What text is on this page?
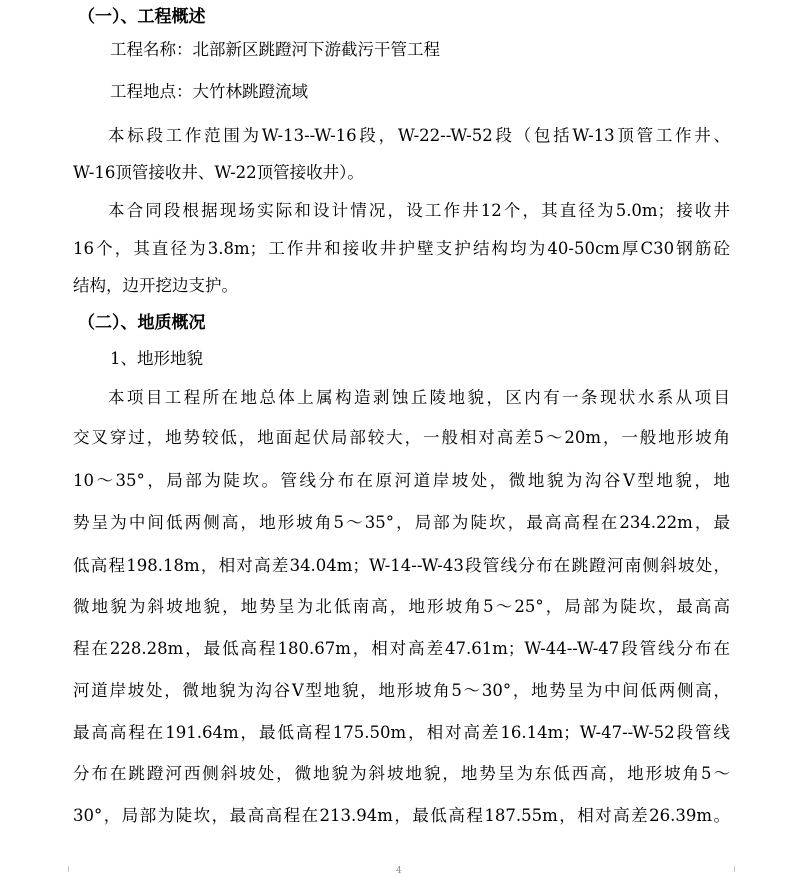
（一）、工程概述
工程名称：北部新区跳蹬河下游截污干管工程
工程地点：大竹林跳蹬流域
本标段工作范围为W-13--W-16段，W-22--W-52段（包括W-13顶管工作井、
W-16顶管接收井、W-22顶管接收井）。
本合同段根据现场实际和设计情况，设工作井12个，其直径为5.0m；接收井
16个，其直径为3.8m；工作井和接收井护壁支护结构均为40-50cm厚C30钢筋砼
结构，边开挖边支护。
（二）、地质概况
1、地形地貌
本项目工程所在地总体上属构造剥蚀丘陵地貌，区内有一条现状水系从项目
交叉穿过，地势较低，地面起伏局部较大，一般相对高差5～20m，一般地形坡角
10～35°，局部为陡坎。管线分布在原河道岸坡处，微地貌为沟谷V型地貌，地
势呈为中间低两侧高，地形坡角5～35°，局部为陡坎，最高高程在234.22m，最
低高程198.18m，相对高差34.04m；W-14--W-43段管线分布在跳蹬河南侧斜坡处，
微地貌为斜坡地貌，地势呈为北低南高，地形坡角5～25°，局部为陡坎，最高高
程在228.28m，最低高程180.67m，相对高差47.61m；W-44--W-47段管线分布在
河道岸坡处，微地貌为沟谷V型地貌，地形坡角5～30°，地势呈为中间低两侧高，
最高高程在191.64m，最低高程175.50m，相对高差16.14m；W-47--W-52段管线
分布在跳蹬河西侧斜坡处，微地貌为斜坡地貌，地势呈为东低西高，地形坡角5～
30°，局部为陡坎，最高高程在213.94m，最低高程187.55m，相对高差26.39m。
4
